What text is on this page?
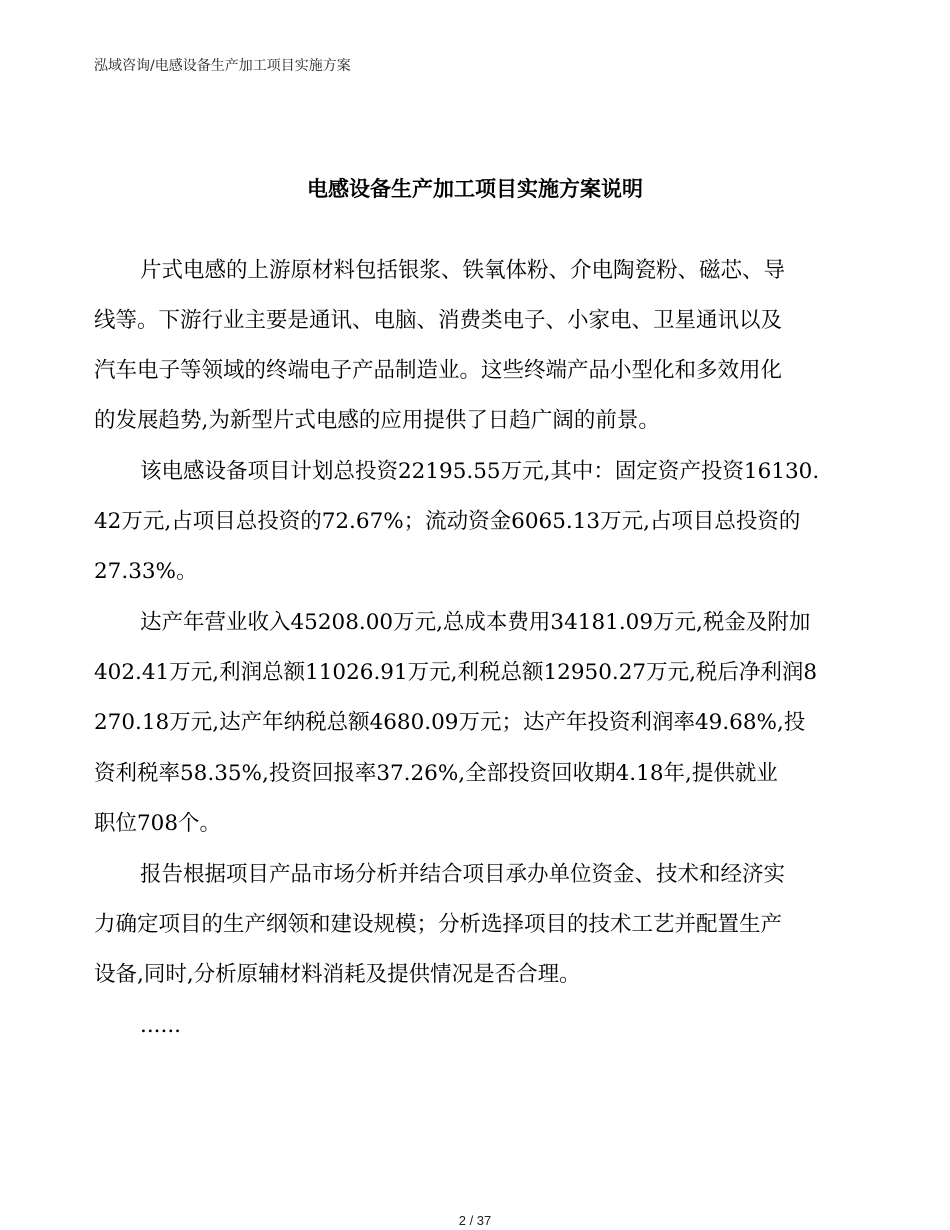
泓域咨询/电感设备生产加工项目实施方案
电感设备生产加工项目实施方案说明
片式电感的上游原材料包括银浆、铁氧体粉、介电陶瓷粉、磁芯、导
线等。下游行业主要是通讯、电脑、消费类电子、小家电、卫星通讯以及
汽车电子等领域的终端电子产品制造业。这些终端产品小型化和多效用化
的发展趋势,为新型片式电感的应用提供了日趋广阔的前景。
该电感设备项目计划总投资22195.55万元,其中：固定资产投资16130.
42万元,占项目总投资的72.67%；流动资金6065.13万元,占项目总投资的
27.33%。
达产年营业收入45208.00万元,总成本费用34181.09万元,税金及附加
402.41万元,利润总额11026.91万元,利税总额12950.27万元,税后净利润8
270.18万元,达产年纳税总额4680.09万元；达产年投资利润率49.68%,投
资利税率58.35%,投资回报率37.26%,全部投资回收期4.18年,提供就业
职位708个。
报告根据项目产品市场分析并结合项目承办单位资金、技术和经济实
力确定项目的生产纲领和建设规模；分析选择项目的技术工艺并配置生产
设备,同时,分析原辅材料消耗及提供情况是否合理。
......
2 / 37
